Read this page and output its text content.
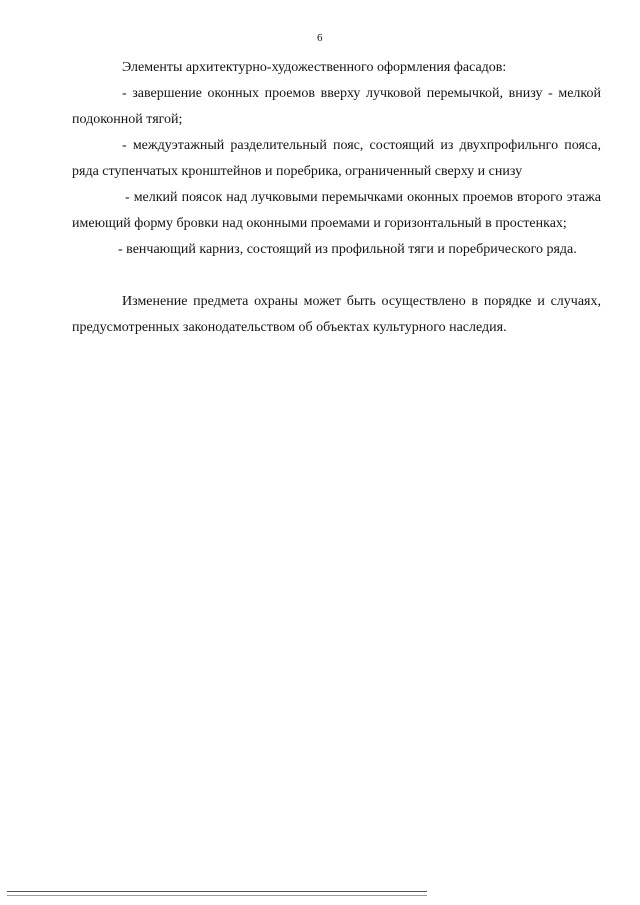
6

Элементы архитектурно-художественного оформления фасадов:

- завершение оконных проемов вверху лучковой перемычкой, внизу - мелкой подоконной тягой;

- междуэтажный разделительный пояс, состоящий из двухпрофильнго пояса, ряда ступенчатых кронштейнов и поребрика, ограниченный сверху и снизу

- мелкий поясок над лучковыми перемычками оконных проемов второго этажа имеющий форму бровки над оконными проемами и горизонтальный в простенках;

- венчающий карниз, состоящий из профильной тяги и поребрического ряда.

Изменение предмета охраны может быть осуществлено в порядке и случаях, предусмотренных законодательством об объектах культурного наследия.
